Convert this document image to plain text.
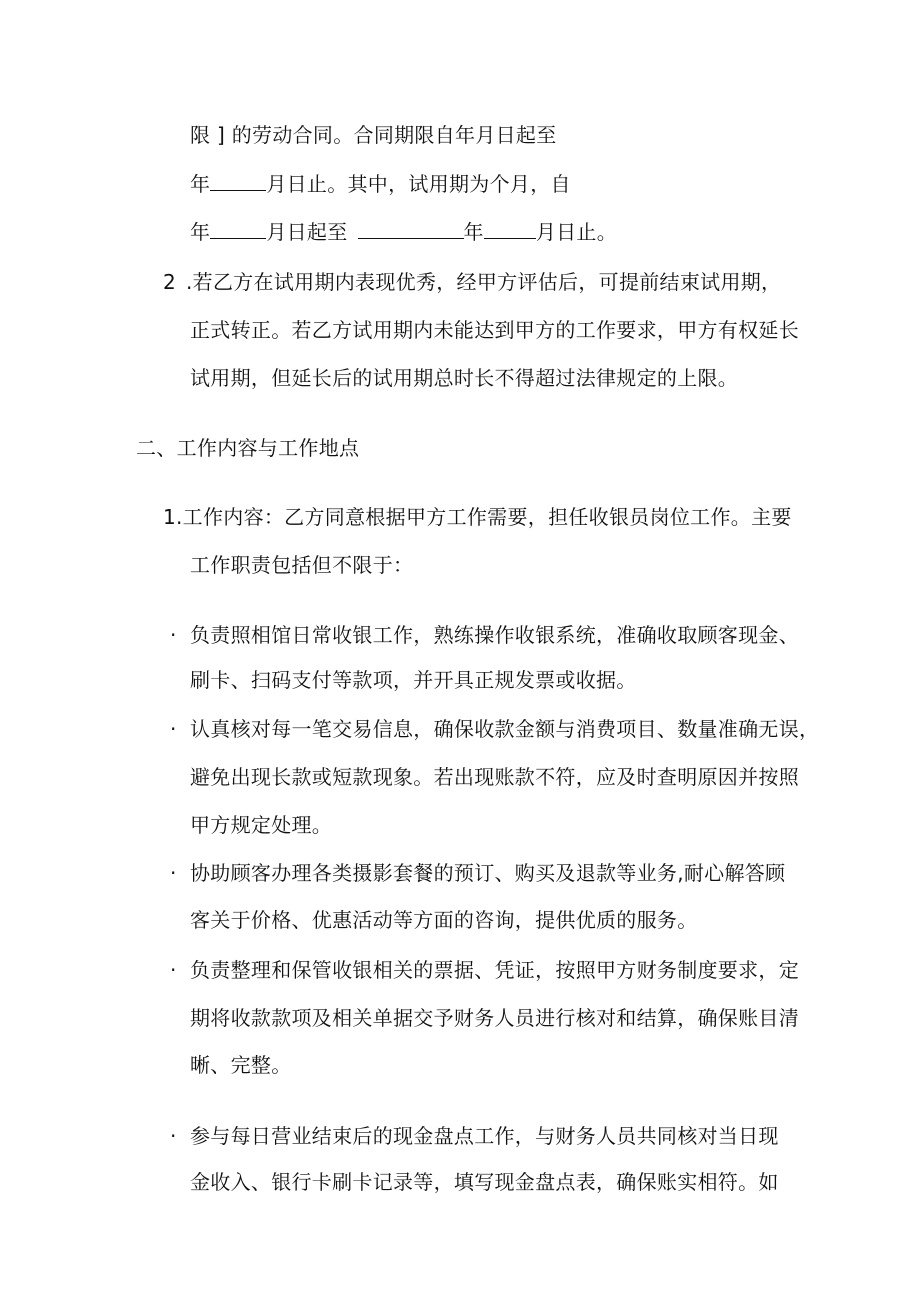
限 ] 的劳动合同。合同期限自年月日起至
年	月日止。其中，试用期为个月，自
年	月日起至	年	月日止。
2 .若乙方在试用期内表现优秀，经甲方评估后，可提前结束试用期，
正式转正。若乙方试用期内未能达到甲方的工作要求，甲方有权延长
试用期，但延长后的试用期总时长不得超过法律规定的上限。
二、工作内容与工作地点
1.工作内容：乙方同意根据甲方工作需要，担任收银员岗位工作。主要
工作职责包括但不限于：
· 负责照相馆日常收银工作，熟练操作收银系统，准确收取顾客现金、
刷卡、扫码支付等款项，并开具正规发票或收据。
· 认真核对每一笔交易信息，确保收款金额与消费项目、数量准确无误，
避免出现长款或短款现象。若出现账款不符，应及时查明原因并按照
甲方规定处理。
· 协助顾客办理各类摄影套餐的预订、购买及退款等业务,耐心解答顾
客关于价格、优惠活动等方面的咨询，提供优质的服务。
· 负责整理和保管收银相关的票据、凭证，按照甲方财务制度要求，定
期将收款款项及相关单据交予财务人员进行核对和结算，确保账目清
晰、完整。
· 参与每日营业结束后的现金盘点工作，与财务人员共同核对当日现
金收入、银行卡刷卡记录等，填写现金盘点表，确保账实相符。如
